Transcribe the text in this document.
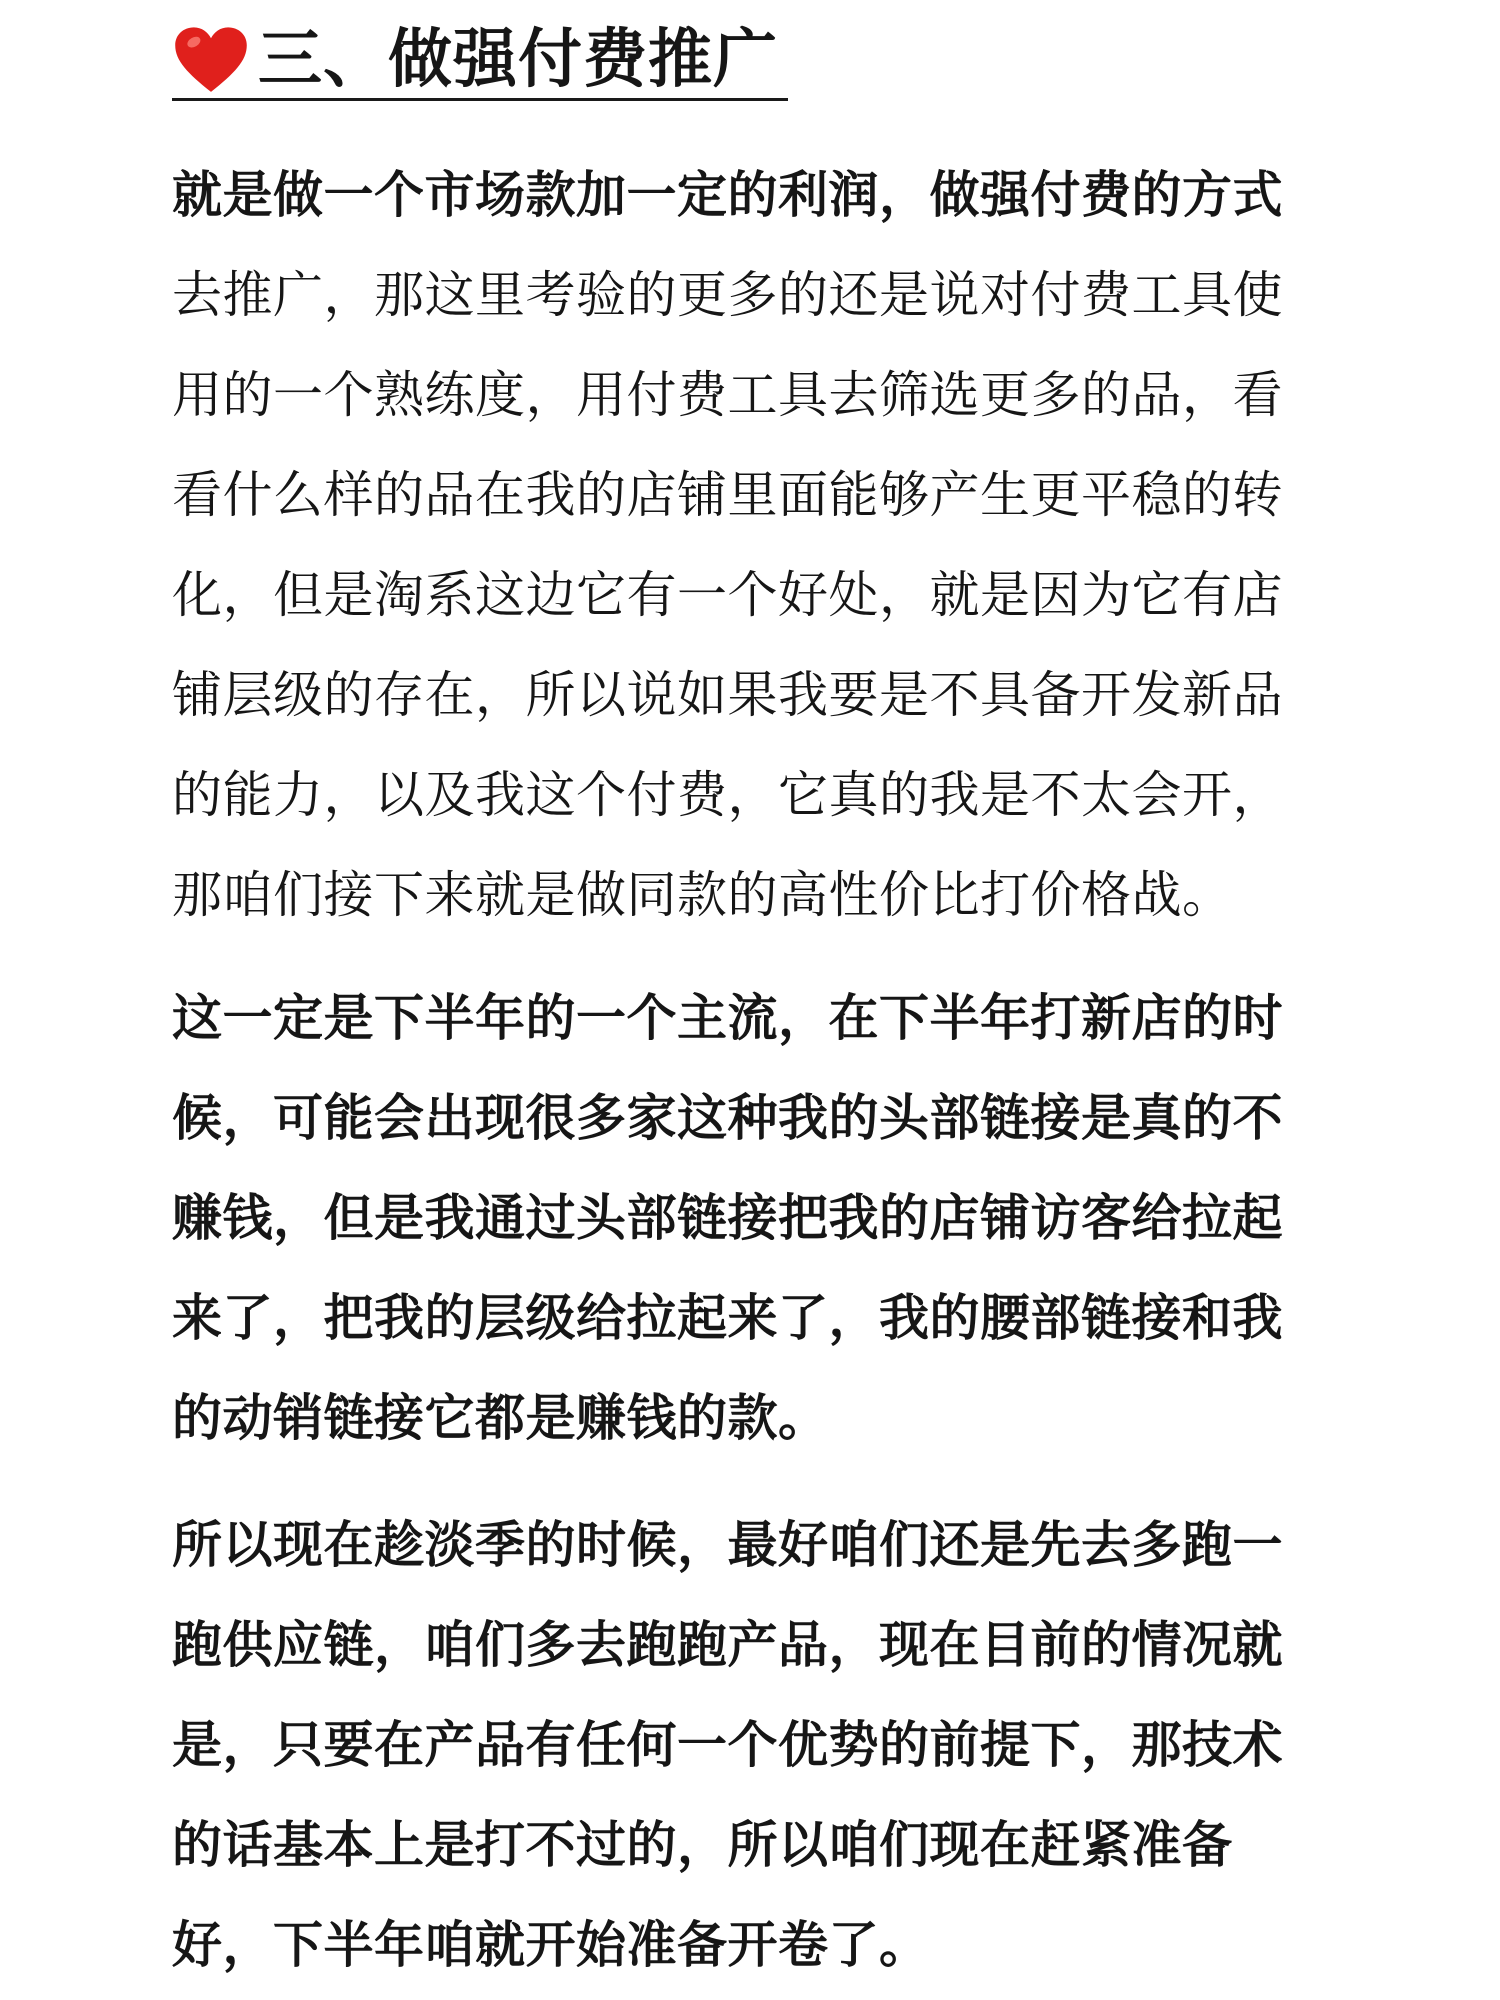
三、做强付费推广
就是做一个市场款加一定的利润，做强付费的方式
去推广，那这里考验的更多的还是说对付费工具使
用的一个熟练度，用付费工具去筛选更多的品，看
看什么样的品在我的店铺里面能够产生更平稳的转
化，但是淘系这边它有一个好处，就是因为它有店
铺层级的存在，所以说如果我要是不具备开发新品
的能力，以及我这个付费，它真的我是不太会开，
那咱们接下来就是做同款的高性价比打价格战。
这一定是下半年的一个主流，在下半年打新店的时
候，可能会出现很多家这种我的头部链接是真的不
赚钱，但是我通过头部链接把我的店铺访客给拉起
来了，把我的层级给拉起来了，我的腰部链接和我
的动销链接它都是赚钱的款。
所以现在趁淡季的时候，最好咱们还是先去多跑一
跑供应链，咱们多去跑跑产品，现在目前的情况就
是，只要在产品有任何一个优势的前提下，那技术
的话基本上是打不过的，所以咱们现在赶紧准备
好，下半年咱就开始准备开卷了。
